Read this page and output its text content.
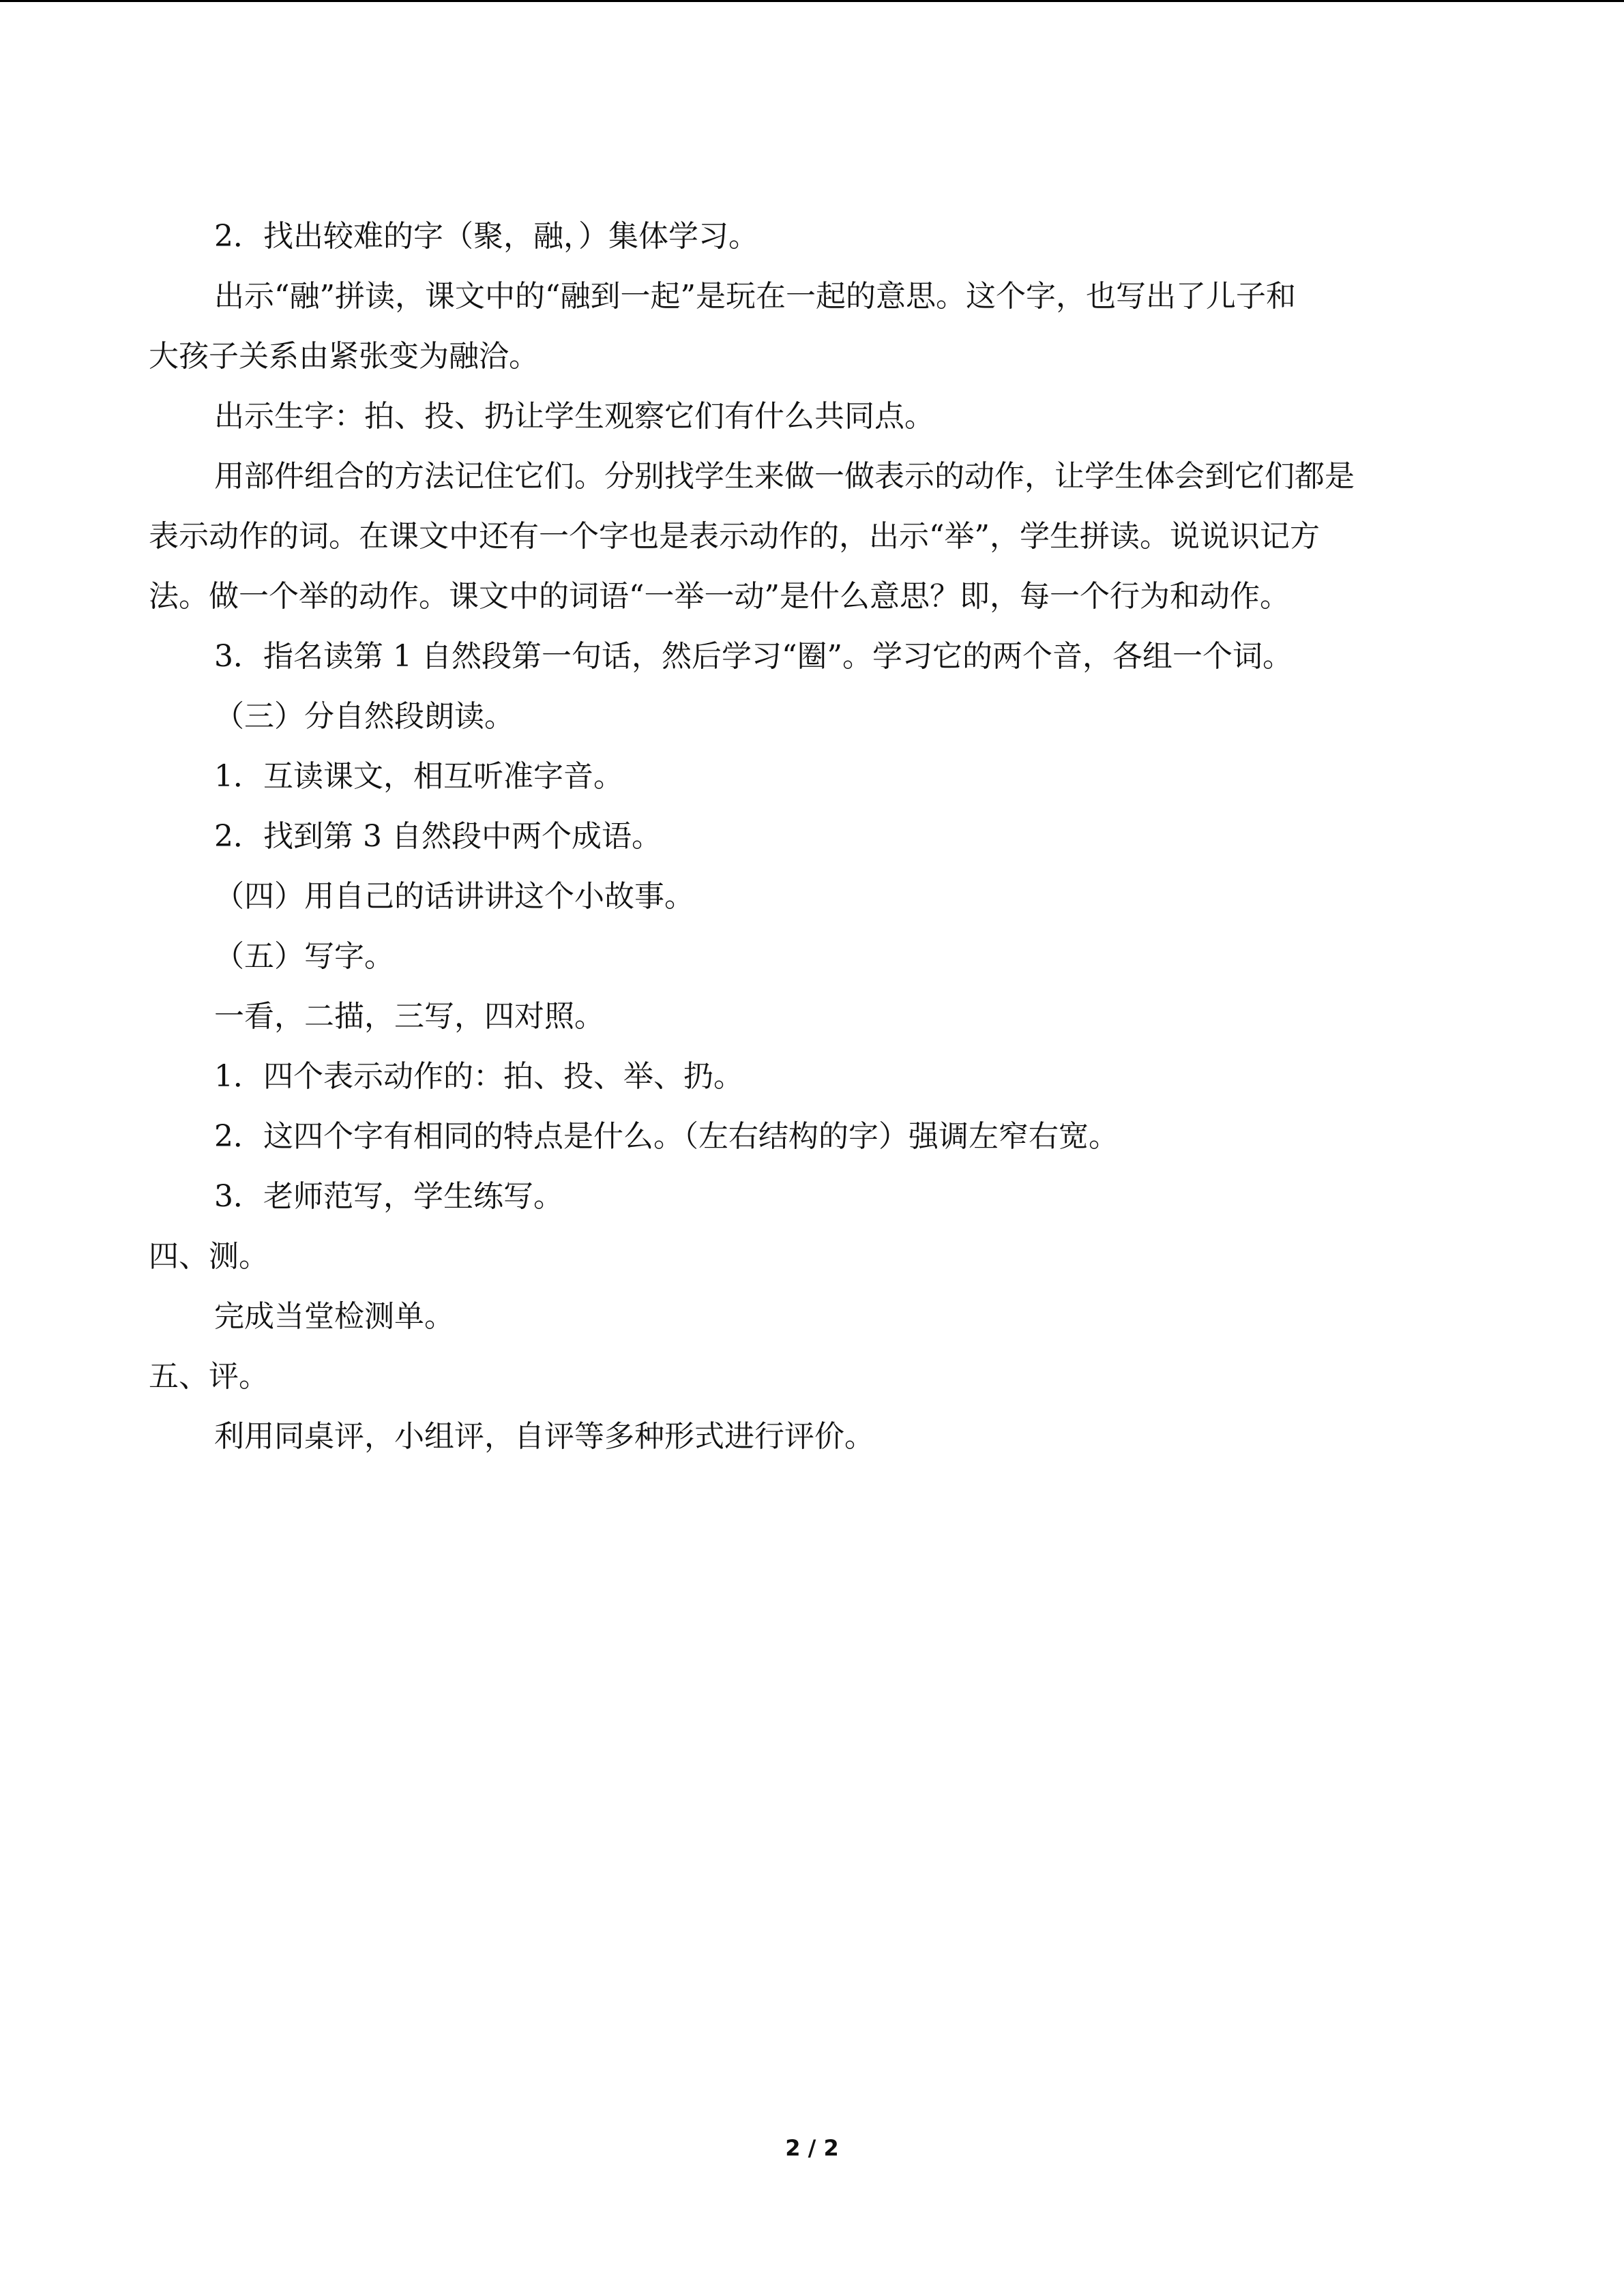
2．找出较难的字（聚，融，）集体学习。

出示“融”拼读，课文中的“融到一起”是玩在一起的意思。这个字，也写出了儿子和

大孩子关系由紧张变为融洽。

出示生字：拍、投、扔让学生观察它们有什么共同点。

用部件组合的方法记住它们。分别找学生来做一做表示的动作，让学生体会到它们都是

表示动作的词。在课文中还有一个字也是表示动作的，出示“举”，学生拼读。说说识记方

法。做一个举的动作。课文中的词语“一举一动”是什么意思？即，每一个行为和动作。

3．指名读第 1 自然段第一句话，然后学习“圈”。学习它的两个音，各组一个词。

（三）分自然段朗读。

1．互读课文，相互听准字音。

2．找到第 3 自然段中两个成语。

（四）用自己的话讲讲这个小故事。

（五）写字。

一看，二描，三写，四对照。

1．四个表示动作的：拍、投、举、扔。

2．这四个字有相同的特点是什么。（左右结构的字）强调左窄右宽。

3．老师范写，学生练写。

四、测。

完成当堂检测单。

五、评。

利用同桌评，小组评，自评等多种形式进行评价。

2 / 2
